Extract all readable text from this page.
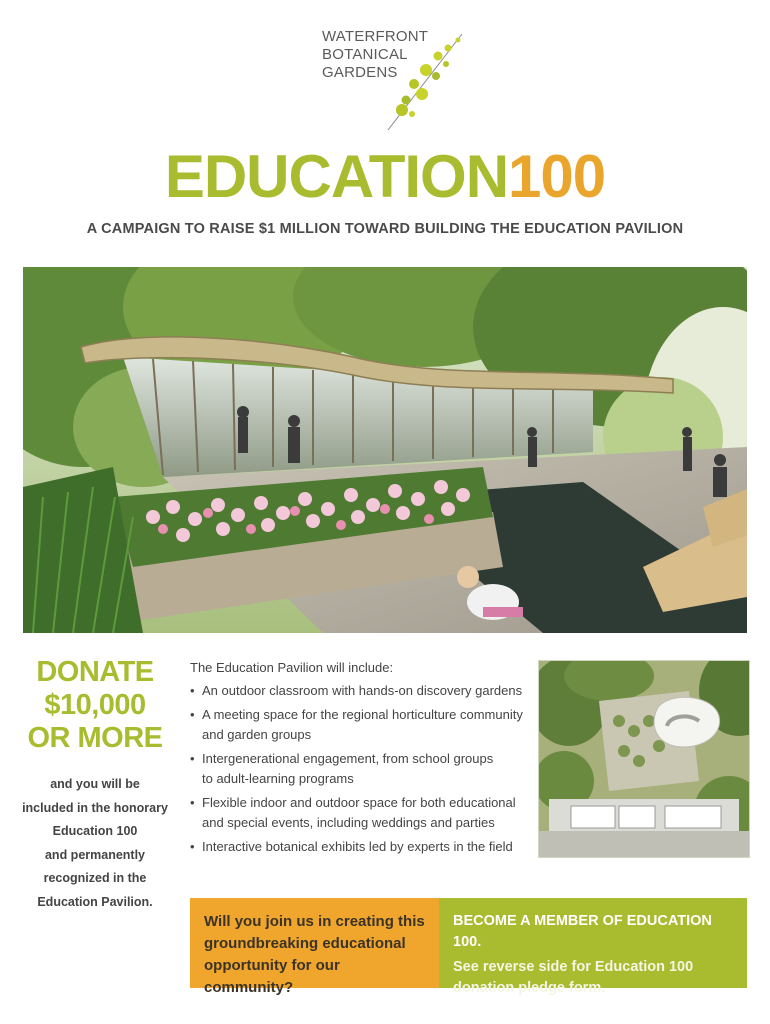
WATERFRONT
BOTANICAL
GARDENS
EDUCATION100
A CAMPAIGN TO RAISE $1 MILLION TOWARD BUILDING THE EDUCATION PAVILION
DONATE
$10,000
OR MORE
and you will be
included in the honorary
Education 100
and permanently
recognized in the
Education Pavilion.
The Education Pavilion will include:
• An outdoor classroom with hands-on discovery gardens
• A meeting space for the regional horticulture community
and garden groups
• Intergenerational engagement, from school groups
to adult-learning programs
• Flexible indoor and outdoor space for both educational
and special events, including weddings and parties
• Interactive botanical exhibits led by experts in the field
Will you join us in creating this
groundbreaking educational
opportunity for our community?
BECOME A MEMBER OF EDUCATION 100.
See reverse side for Education 100
donation pledge form.
